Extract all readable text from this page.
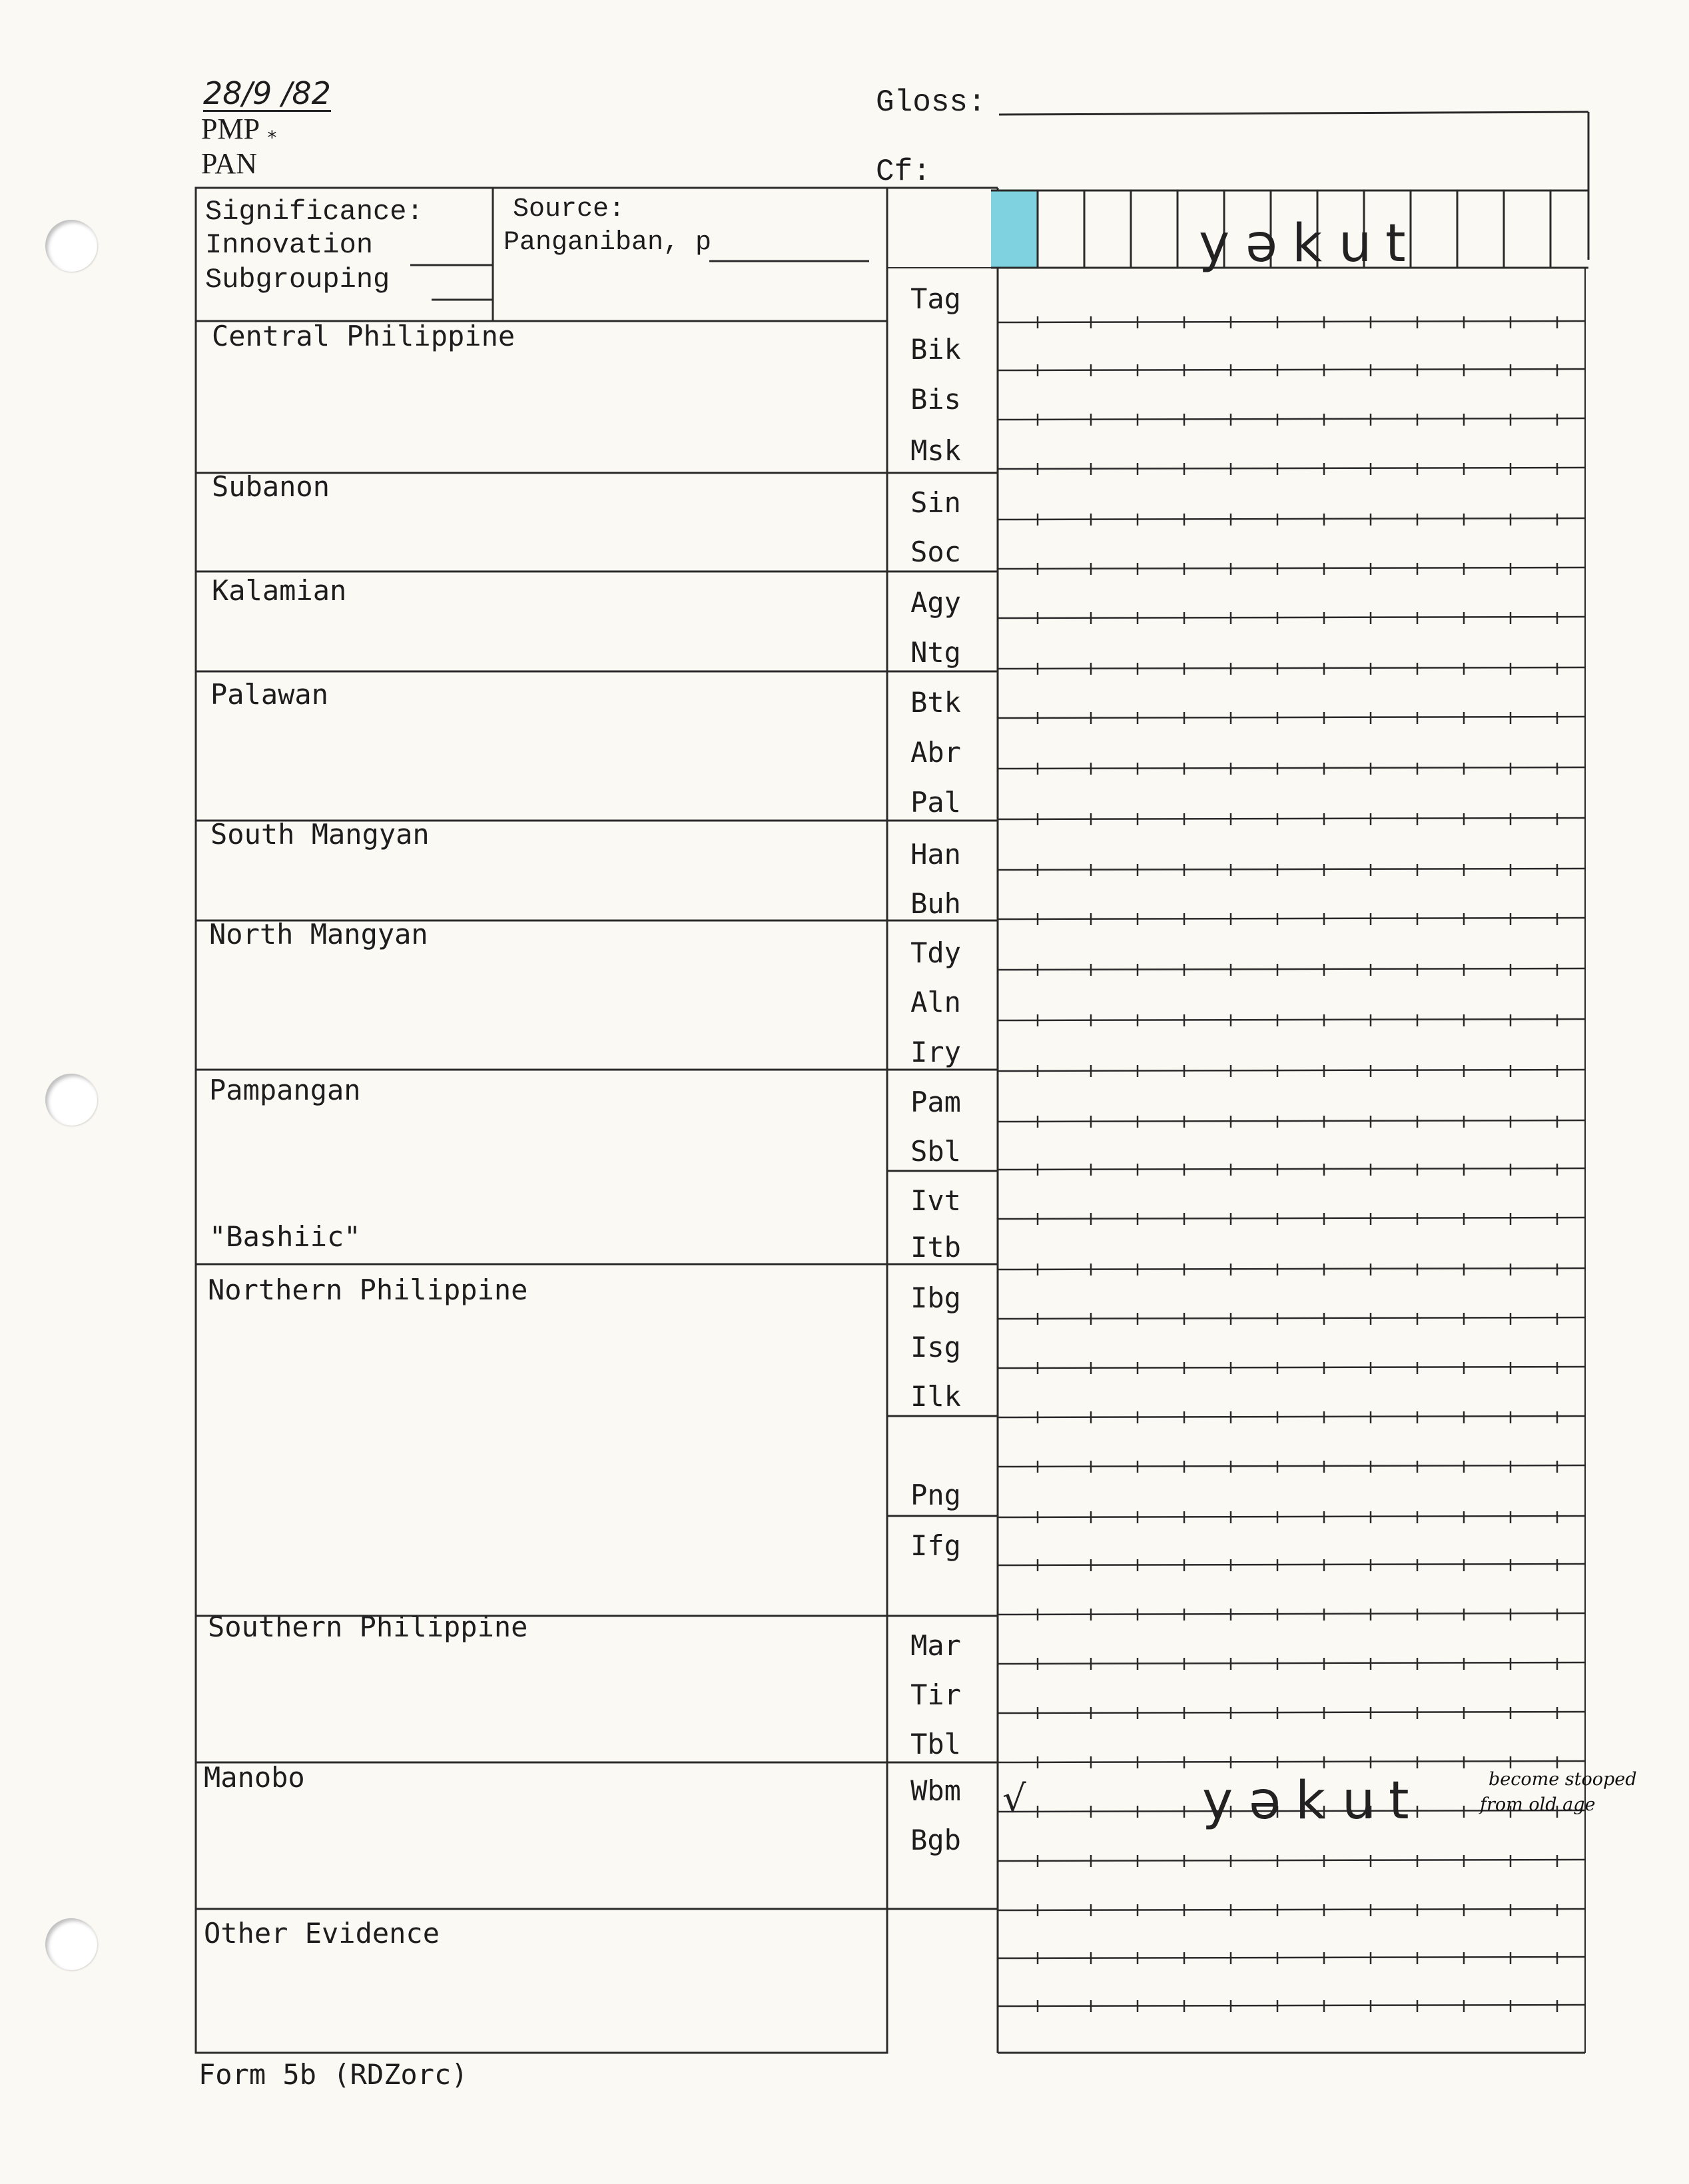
28/9 /82
PMP *
PAN
Gloss:
Cf:
Significance:
Innovation
Subgrouping
Source:
Panganiban, p
Central Philippine
Subanon
Kalamian
Palawan
South Mangyan
North Mangyan
Pampangan
"Bashiic"
Northern Philippine
Southern Philippine
Manobo
Other Evidence
Tag
Bik
Bis
Msk
Sin
Soc
Agy
Ntg
Btk
Abr
Pal
Han
Buh
Tdy
Aln
Iry
Pam
Sbl
Ivt
Itb
Ibg
Isg
Ilk
Png
Ifg
Mar
Tir
Tbl
Wbm
Bgb
y ə k u t
√	y ə k u t	become stooped
from old age
Form 5b (RDZorc)
